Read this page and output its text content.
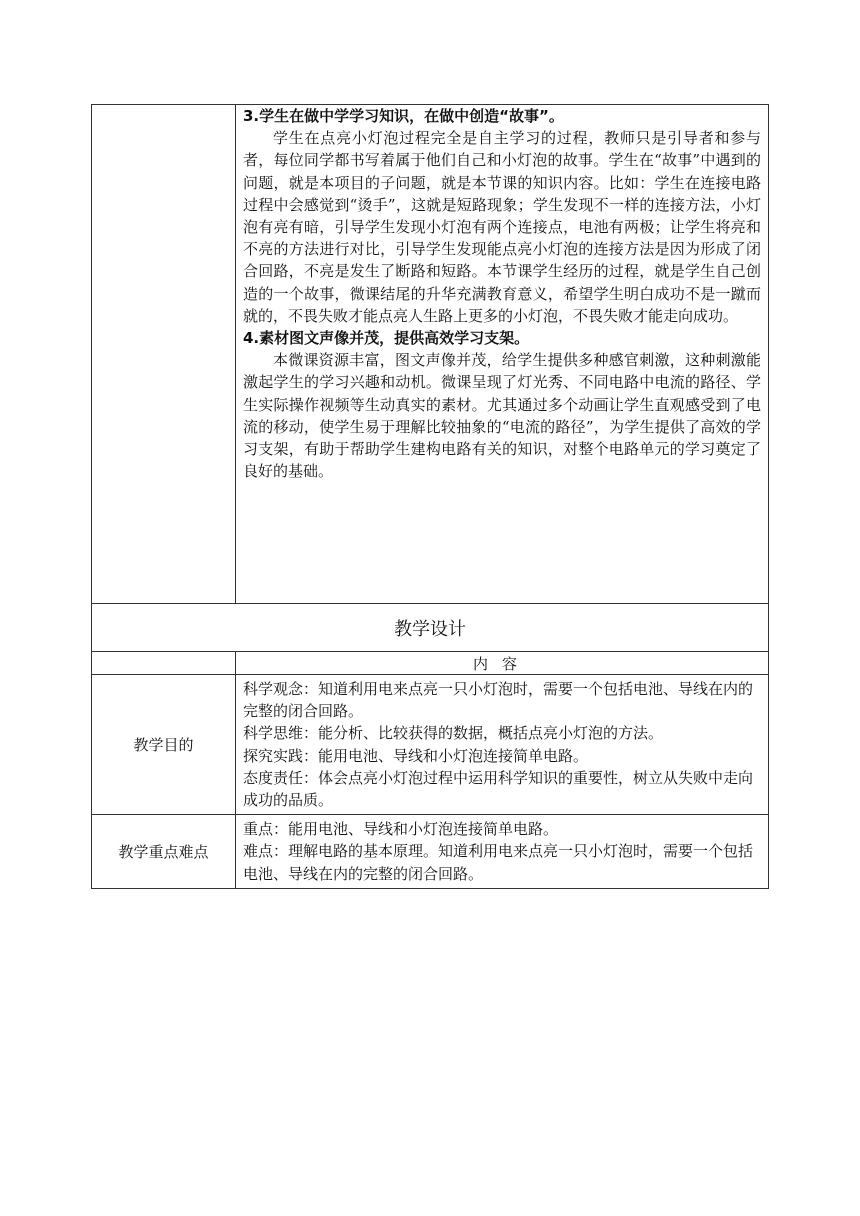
	3.学生在做中学学习知识，在做中创造“故事”。

学生在点亮小灯泡过程完全是自主学习的过程，教师只是引导者和参与者，每位同学都书写着属于他们自己和小灯泡的故事。学生在“故事”中遇到的问题，就是本项目的子问题，就是本节课的知识内容。比如：学生在连接电路过程中会感觉到“烫手”，这就是短路现象；学生发现不一样的连接方法，小灯泡有亮有暗，引导学生发现小灯泡有两个连接点，电池有两极；让学生将亮和不亮的方法进行对比，引导学生发现能点亮小灯泡的连接方法是因为形成了闭合回路，不亮是发生了断路和短路。本节课学生经历的过程，就是学生自己创造的一个故事，微课结尾的升华充满教育意义，希望学生明白成功不是一蹴而就的，不畏失败才能点亮人生路上更多的小灯泡，不畏失败才能走向成功。

4.素材图文声像并茂，提供高效学习支架。

本微课资源丰富，图文声像并茂，给学生提供多种感官刺激，这种刺激能激起学生的学习兴趣和动机。微课呈现了灯光秀、不同电路中电流的路径、学生实际操作视频等生动真实的素材。尤其通过多个动画让学生直观感受到了电流的移动，使学生易于理解比较抽象的“电流的路径”，为学生提供了高效的学习支架，有助于帮助学生建构电路有关的知识，对整个电路单元的学习奠定了良好的基础。

教学设计	
	内容
教学目的	科学观念：知道利用电来点亮一只小灯泡时，需要一个包括电池、导线在内的完整的闭合回路。

科学思维：能分析、比较获得的数据，概括点亮小灯泡的方法。

探究实践：能用电池、导线和小灯泡连接简单电路。

态度责任：体会点亮小灯泡过程中运用科学知识的重要性，树立从失败中走向成功的品质。

教学重点难点	重点：能用电池、导线和小灯泡连接简单电路。

难点：理解电路的基本原理。知道利用电来点亮一只小灯泡时，需要一个包括电池、导线在内的完整的闭合回路。
